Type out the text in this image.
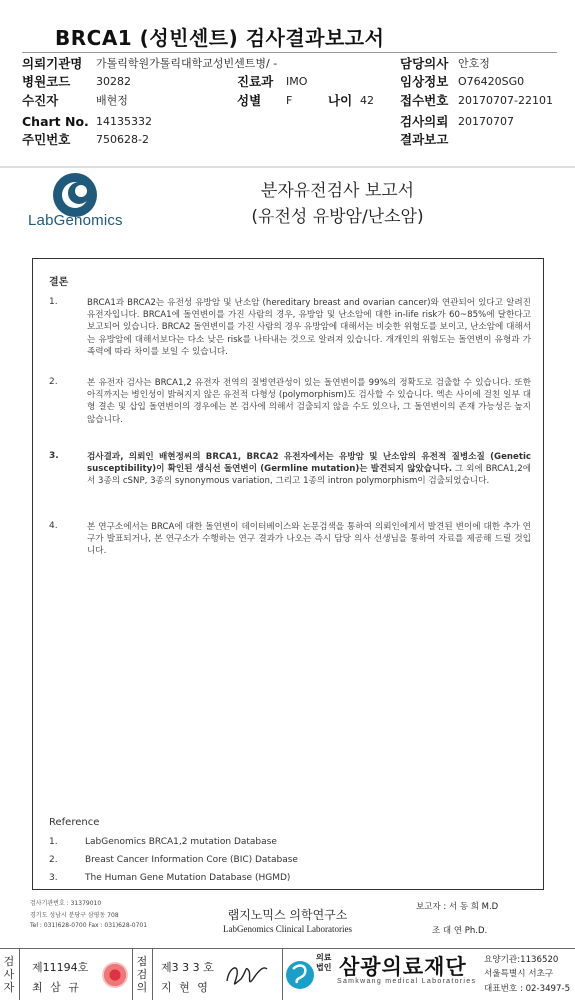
BRCA1 (성빈센트) 검사결과보고서
의뢰기관명 가톨릭학원가톨릭대학교성빈센트병/ -	담당의사 안호정
병원코드 30282	진료과 IMO	임상정보 O76420SG0
수진자	배현정	성별 F	나이 42 접수번호 20170707-22101
Chart No. 14135332	검사의뢰 20170707
주민번호 750628-2	결과보고
LabGenomics
분자유전검사 보고서
(유전성 유방암/난소암)
결론
1.	BRCA1과 BRCA2는 유전성 유방암 및 난소암 (hereditary breast and ovarian cancer)와 연관되어 있다고 알려진 유전자입니다. BRCA1에 돌연변이를 가진 사람의 경우, 유방암 및 난소암에 대한 in-life risk가 60~85%에 달한다고 보고되어 있습니다. BRCA2 돌연변이를 가진 사람의 경우 유방암에 대해서는 비슷한 위험도를 보이고, 난소암에 대해서는 유방암에 대해서보다는 다소 낮은 risk를 나타내는 것으로 알려져 있습니다. 개개인의 위험도는 돌연변이 유형과 가족력에 따라 차이를 보일 수 있습니다.
2.	본 유전자 검사는 BRCA1,2 유전자 전역의 질병연관성이 있는 돌연변이를 99%의 정확도로 검출할 수 있습니다. 또한 아직까지는 병인성이 밝혀지지 않은 유전적 다형성 (polymorphism)도 검사할 수 있습니다. 엑손 사이에 걸친 일부 대형 결손 및 삽입 돌연변이의 경우에는 본 검사에 의해서 검출되지 않을 수도 있으나, 그 돌연변이의 존재 가능성은 높지 않습니다.
3.	검사결과, 의뢰인 배현정씨의 BRCA1, BRCA2 유전자에서는 유방암 및 난소암의 유전적 질병소질 (Genetic susceptibility)이 확인된 생식선 돌연변이 (Germline mutation)는 발견되지 않았습니다. 그 외에 BRCA1,2에서 3종의 cSNP, 3종의 synonymous variation, 그리고 1종의 intron polymorphism이 검출되었습니다.
4.	본 연구소에서는 BRCA에 대한 돌연변이 데이터베이스와 논문검색을 통하여 의뢰인에게서 발견된 변이에 대한 추가 연구가 발표되거나, 본 연구소가 수행하는 연구 결과가 나오는 즉시 담당 의사 선생님을 통하여 자료를 제공해 드릴 것입니다.
Reference
1.	LabGenomics BRCA1,2 mutation Database
2.	Breast Cancer Information Core (BIC) Database
3.	The Human Gene Mutation Database (HGMD)
검사기관번호 : 31379010
경기도 성남시 분당구 삼평동 708
Tel : 031)628-0700 Fax : 031)628-0701
랩지노믹스 의학연구소
LabGenomics Clinical Laboratories
보고자 : 서 동 희 M.D
조 대 연 Ph.D.
검사자
제11194호
최 삼 규
점검의
제3 3 3 호
지 현 영
의료
법인 삼광의료재단
Samkwang medical Laboratories
요양기관:1136520
서울특별시 서초구
대표번호 : 02-3497-5
